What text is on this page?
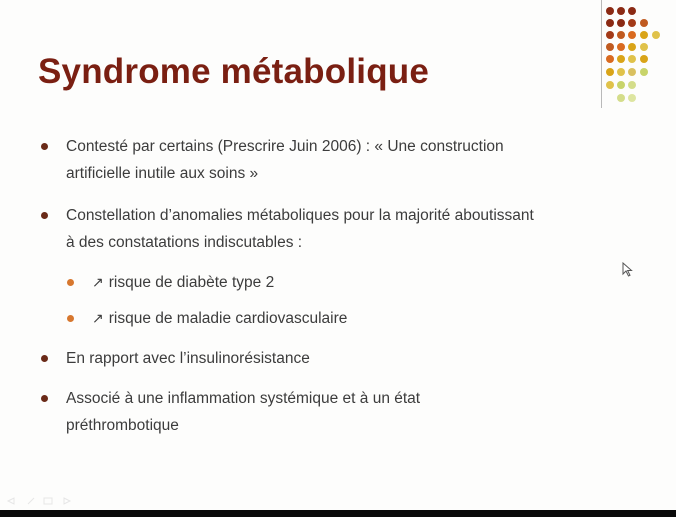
Syndrome métabolique
Contesté par certains (Prescrire Juin 2006) : « Une construction
artificielle inutile aux soins »
Constellation d’anomalies métaboliques pour la majorité aboutissant
à des constatations indiscutables :
↗ risque de diabète type 2
↗ risque de maladie cardiovasculaire
En rapport avec l’insulinorésistance
Associé à une inflammation systémique et à un état
préthrombotique
